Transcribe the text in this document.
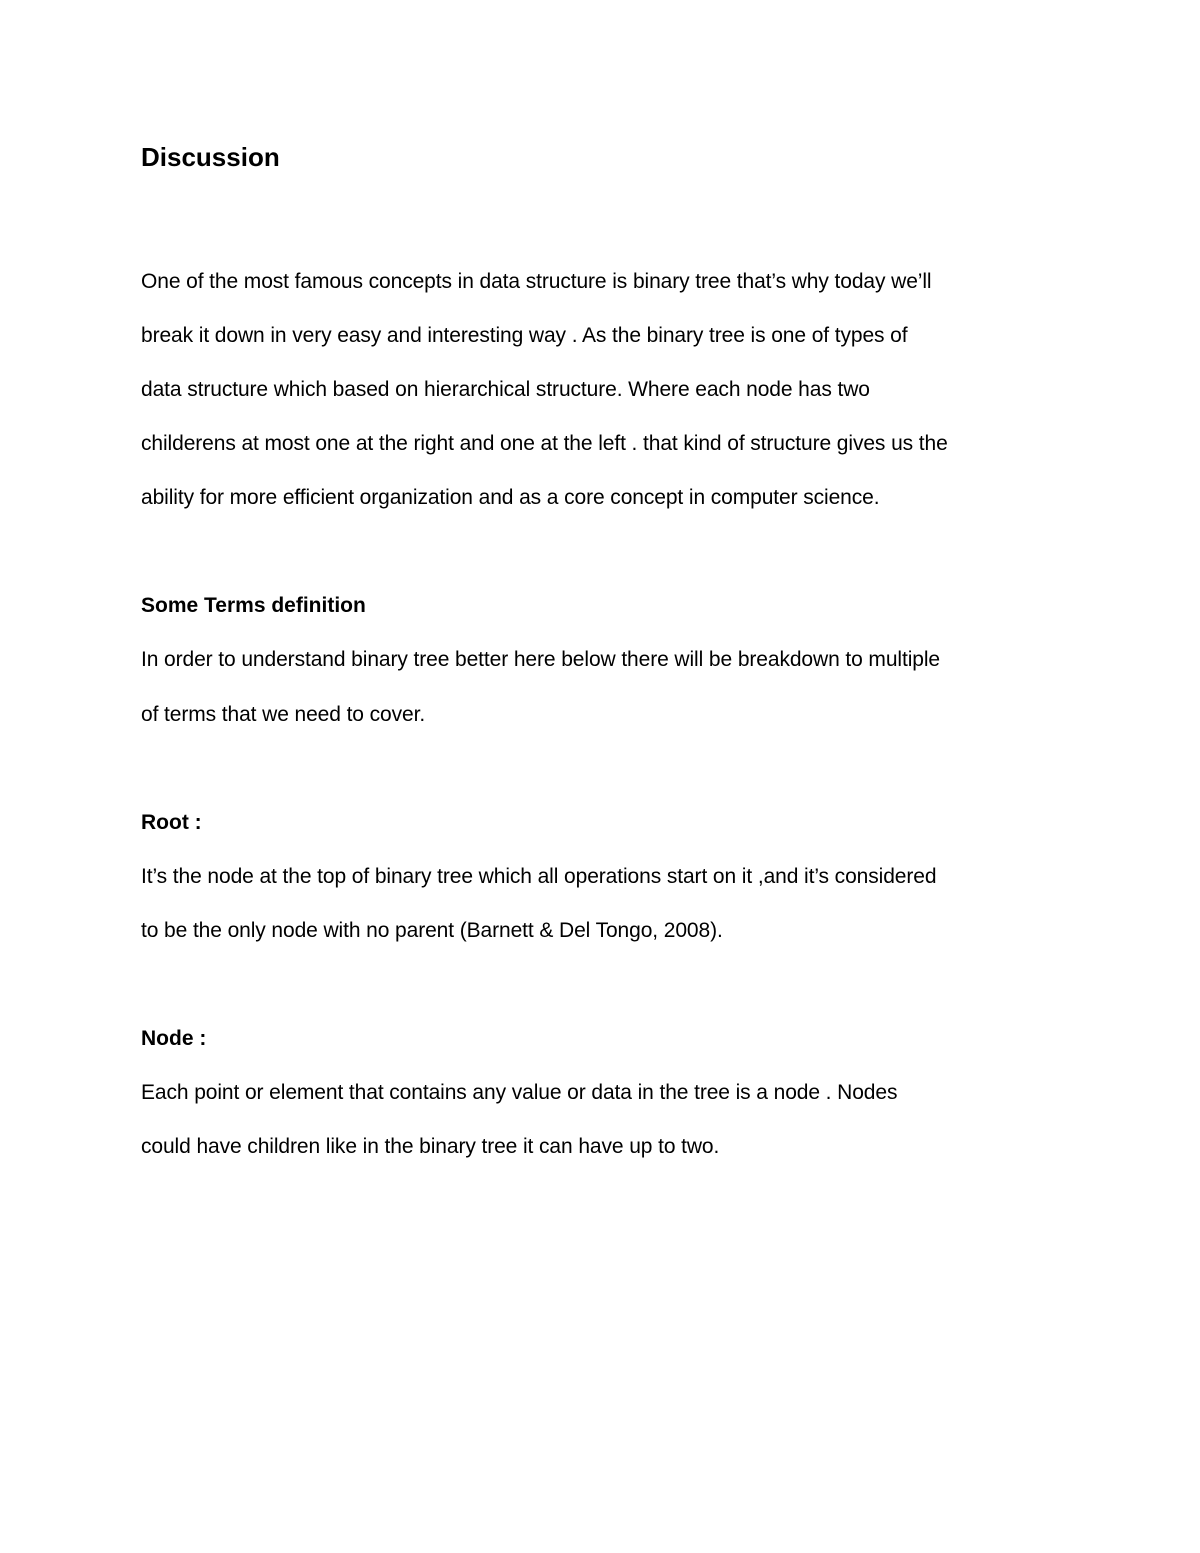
Discussion

One of the most famous concepts in data structure is binary tree that’s why today we’ll

break it down in very easy and interesting way . As the binary tree is one of types of

data structure which based on hierarchical structure. Where each node has two

childerens at most one at the right and one at the left . that kind of structure gives us the

ability for more efficient organization and as a core concept in computer science.

Some Terms definition

In order to understand binary tree better here below there will be breakdown to multiple

of terms that we need to cover.

Root :

It’s the node at the top of binary tree which all operations start on it ,and it’s considered

to be the only node with no parent (Barnett & Del Tongo, 2008).

Node :

Each point or element that contains any value or data in the tree is a node . Nodes

could have children like in the binary tree it can have up to two.
